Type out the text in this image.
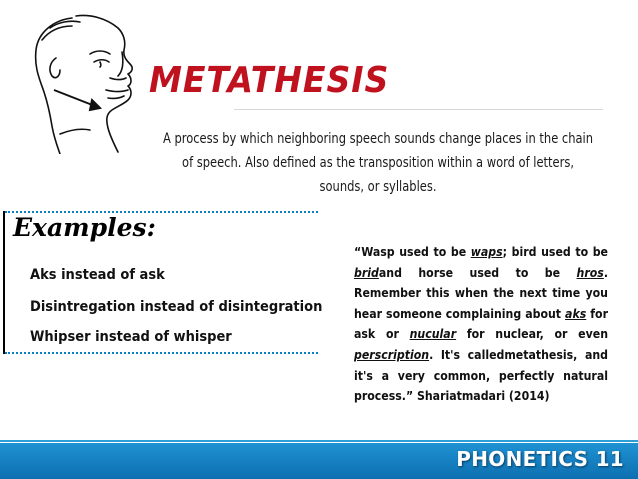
METATHESIS
A process by which neighboring speech sounds change places in the chain of speech. Also defined as the transposition within a word of letters, sounds, or syllables.
Examples:
Aks instead of ask
Disintregation instead of disintegration
Whipser instead of whisper
“Wasp used to be waps; bird used to be bridand horse used to be hros. Remember this when the next time you hear someone complaining about aks for ask or nucular for nuclear, or even perscription. It's calledmetathesis, and it's a very common, perfectly natural process.” Shariatmadari (2014)
PHONETICS 11
